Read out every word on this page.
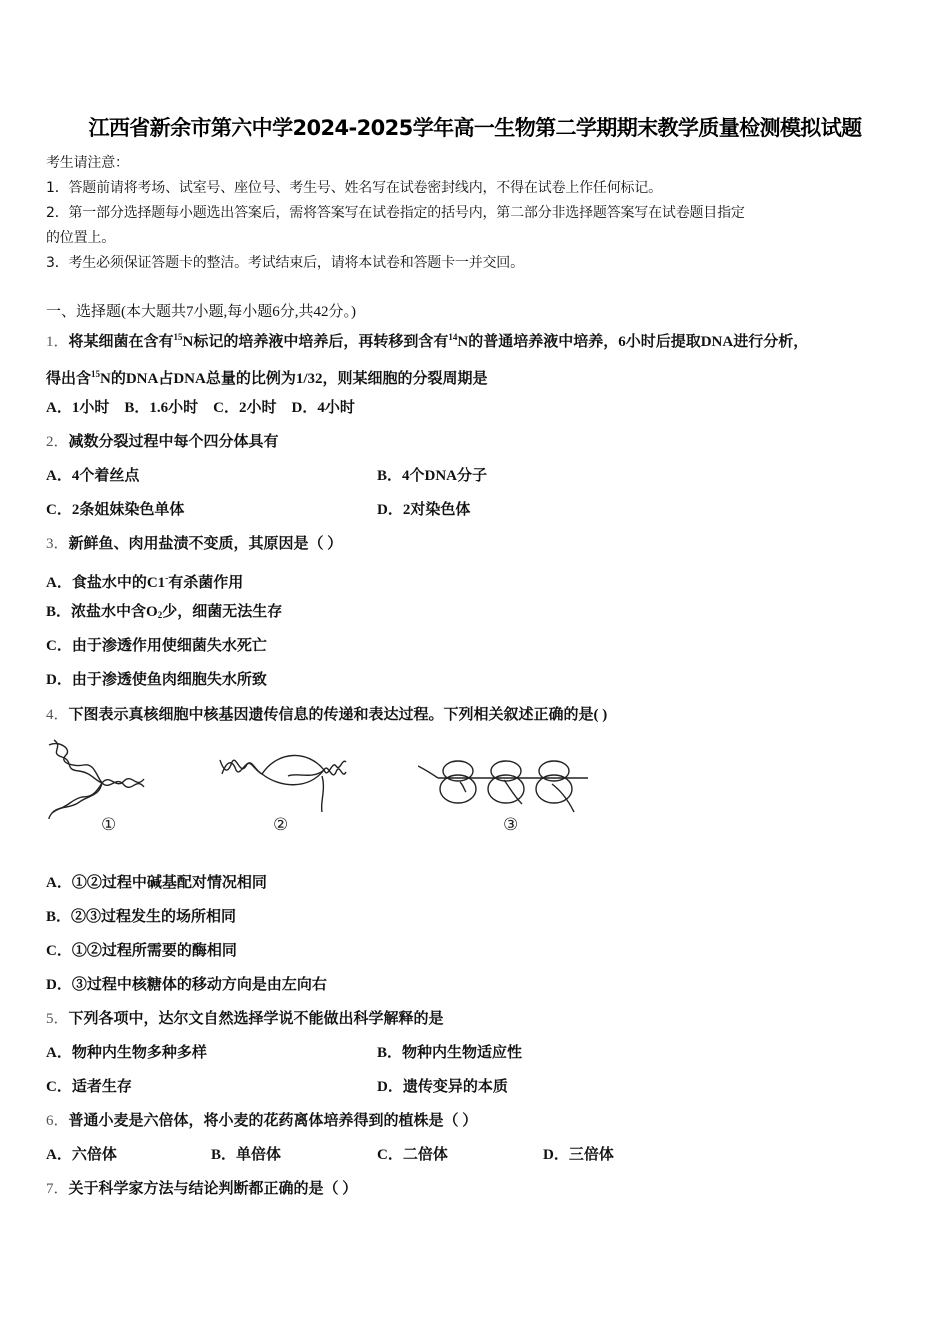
江西省新余市第六中学2024-2025学年高一生物第二学期期末教学质量检测模拟试题
考生请注意：
1．答题前请将考场、试室号、座位号、考生号、姓名写在试卷密封线内，不得在试卷上作任何标记。
2．第一部分选择题每小题选出答案后，需将答案写在试卷指定的括号内，第二部分非选择题答案写在试卷题目指定
的位置上。
3．考生必须保证答题卡的整洁。考试结束后，请将本试卷和答题卡一并交回。
一、选择题(本大题共7小题,每小题6分,共42分。)
1．将某细菌在含有$^{15}$N标记的培养液中培养后，再转移到含有$^{14}$N的普通培养液中培养，6小时后提取DNA进行分析，
得出含$^{15}$N的DNA占DNA总量的比例为1/32，则某细胞的分裂周期是
A．1小时 B．1.6小时 C．2小时 D．4小时
2．减数分裂过程中每个四分体具有
A．4个着丝点	B．4个DNA分子
C．2条姐妹染色单体	D．2对染色体
3．新鲜鱼、肉用盐渍不变质，其原因是（ ）
A．食盐水中的C1-有杀菌作用
B．浓盐水中含$O_2$少，细菌无法生存
C．由于渗透作用使细菌失水死亡
D．由于渗透使鱼肉细胞失水所致
4．下图表示真核细胞中核基因遗传信息的传递和表达过程。下列相关叙述正确的是( )
①	②	③
A．①②过程中碱基配对情况相同
B．②③过程发生的场所相同
C．①②过程所需要的酶相同
D．③过程中核糖体的移动方向是由左向右
5．下列各项中，达尔文自然选择学说不能做出科学解释的是
A．物种内生物多种多样	B．物种内生物适应性
C．适者生存	D．遗传变异的本质
6．普通小麦是六倍体，将小麦的花药离体培养得到的植株是（ ）
A．六倍体	B．单倍体	C．二倍体	D．三倍体
7．关于科学家方法与结论判断都正确的是（ ）
